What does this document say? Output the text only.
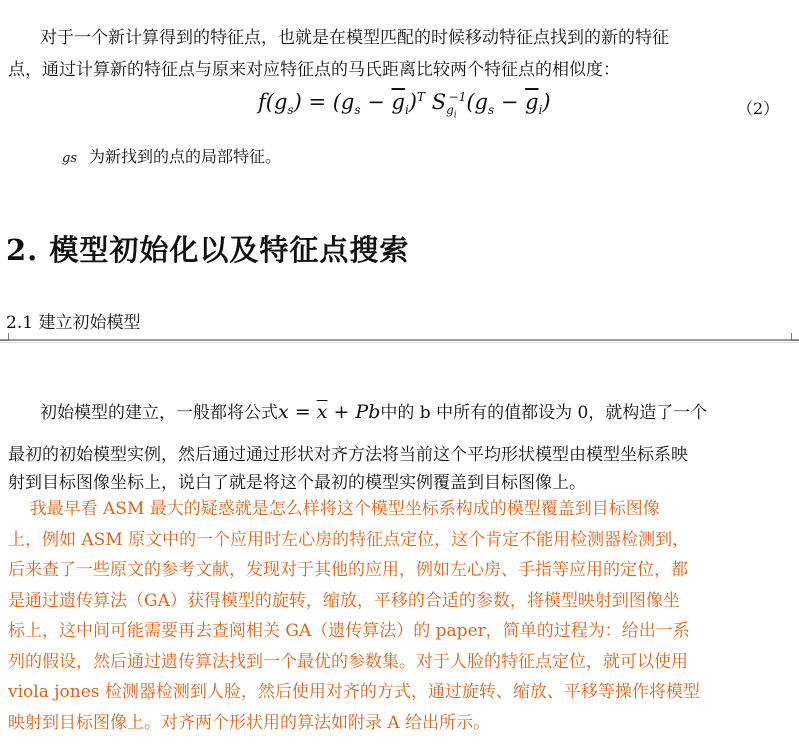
对于一个新计算得到的特征点，也就是在模型匹配的时候移动特征点找到的新的特征
点，通过计算新的特征点与原来对应特征点的马氏距离比较两个特征点的相似度：
$f(g_s) = (g_s - \overline{g}_i)^T$ $S_{g_i}^{-1}(g_s - \overline{g}_i)$	（2）
gs 为新找到的点的局部特征。
2. 模型初始化以及特征点搜索
2.1 建立初始模型
初始模型的建立，一般都将公式$x = \overline{x} + Pb$中的 b 中所有的值都设为 0，就构造了一个
最初的初始模型实例，然后通过通过形状对齐方法将当前这个平均形状模型由模型坐标系映
射到目标图像坐标上，说白了就是将这个最初的模型实例覆盖到目标图像上。
我最早看 ASM 最大的疑惑就是怎么样将这个模型坐标系构成的模型覆盖到目标图像
上，例如 ASM 原文中的一个应用时左心房的特征点定位，这个肯定不能用检测器检测到，
后来查了一些原文的参考文献，发现对于其他的应用，例如左心房、手指等应用的定位，都
是通过遗传算法（GA）获得模型的旋转，缩放，平移的合适的参数，将模型映射到图像坐
标上，这中间可能需要再去查阅相关 GA（遗传算法）的 paper，简单的过程为：给出一系
列的假设，然后通过遗传算法找到一个最优的参数集。对于人脸的特征点定位，就可以使用
viola jones 检测器检测到人脸，然后使用对齐的方式，通过旋转、缩放、平移等操作将模型
映射到目标图像上。对齐两个形状用的算法如附录 A 给出所示。
